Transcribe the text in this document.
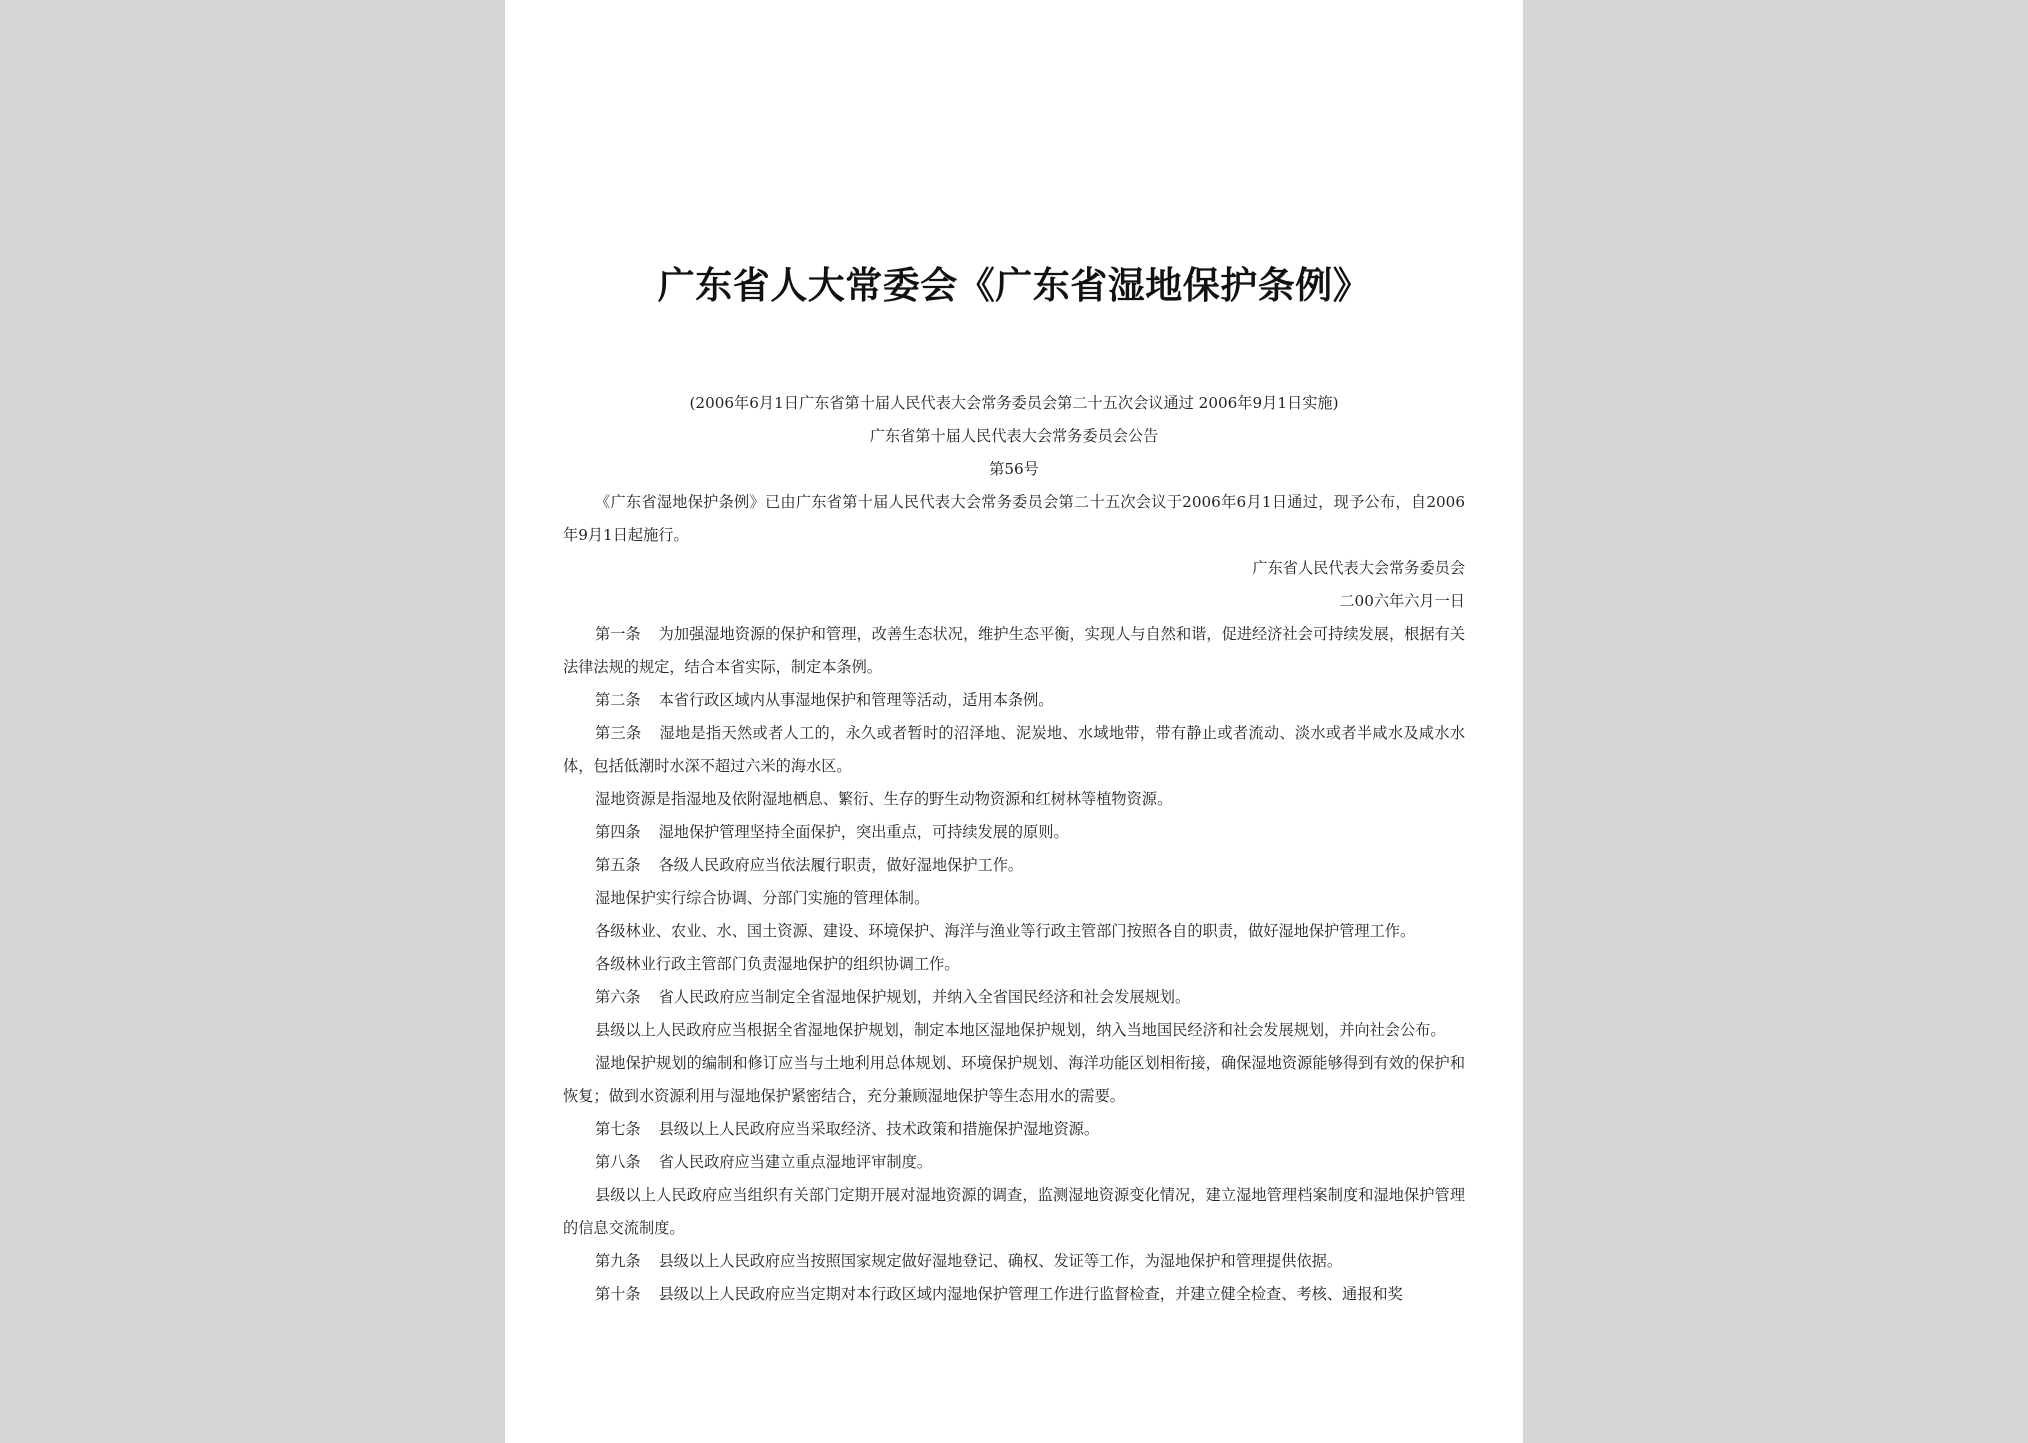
广东省人大常委会《广东省湿地保护条例》

(2006年6月1日广东省第十届人民代表大会常务委员会第二十五次会议通过 2006年9月1日实施)

广东省第十届人民代表大会常务委员会公告

第56号

《广东省湿地保护条例》已由广东省第十届人民代表大会常务委员会第二十五次会议于2006年6月1日通过，现予公布，自2006年9月1日起施行。

广东省人民代表大会常务委员会

二00六年六月一日

第一条 为加强湿地资源的保护和管理，改善生态状况，维护生态平衡，实现人与自然和谐，促进经济社会可持续发展，根据有关法律法规的规定，结合本省实际，制定本条例。

第二条 本省行政区域内从事湿地保护和管理等活动，适用本条例。

第三条 湿地是指天然或者人工的，永久或者暂时的沼泽地、泥炭地、水域地带，带有静止或者流动、淡水或者半咸水及咸水水体，包括低潮时水深不超过六米的海水区。

湿地资源是指湿地及依附湿地栖息、繁衍、生存的野生动物资源和红树林等植物资源。

第四条 湿地保护管理坚持全面保护，突出重点，可持续发展的原则。

第五条 各级人民政府应当依法履行职责，做好湿地保护工作。

湿地保护实行综合协调、分部门实施的管理体制。

各级林业、农业、水、国土资源、建设、环境保护、海洋与渔业等行政主管部门按照各自的职责，做好湿地保护管理工作。

各级林业行政主管部门负责湿地保护的组织协调工作。

第六条 省人民政府应当制定全省湿地保护规划，并纳入全省国民经济和社会发展规划。

县级以上人民政府应当根据全省湿地保护规划，制定本地区湿地保护规划，纳入当地国民经济和社会发展规划，并向社会公布。

湿地保护规划的编制和修订应当与土地利用总体规划、环境保护规划、海洋功能区划相衔接，确保湿地资源能够得到有效的保护和恢复；做到水资源利用与湿地保护紧密结合，充分兼顾湿地保护等生态用水的需要。

第七条 县级以上人民政府应当采取经济、技术政策和措施保护湿地资源。

第八条 省人民政府应当建立重点湿地评审制度。

县级以上人民政府应当组织有关部门定期开展对湿地资源的调查，监测湿地资源变化情况，建立湿地管理档案制度和湿地保护管理的信息交流制度。

第九条 县级以上人民政府应当按照国家规定做好湿地登记、确权、发证等工作，为湿地保护和管理提供依据。

第十条 县级以上人民政府应当定期对本行政区域内湿地保护管理工作进行监督检查，并建立健全检查、考核、通报和奖
